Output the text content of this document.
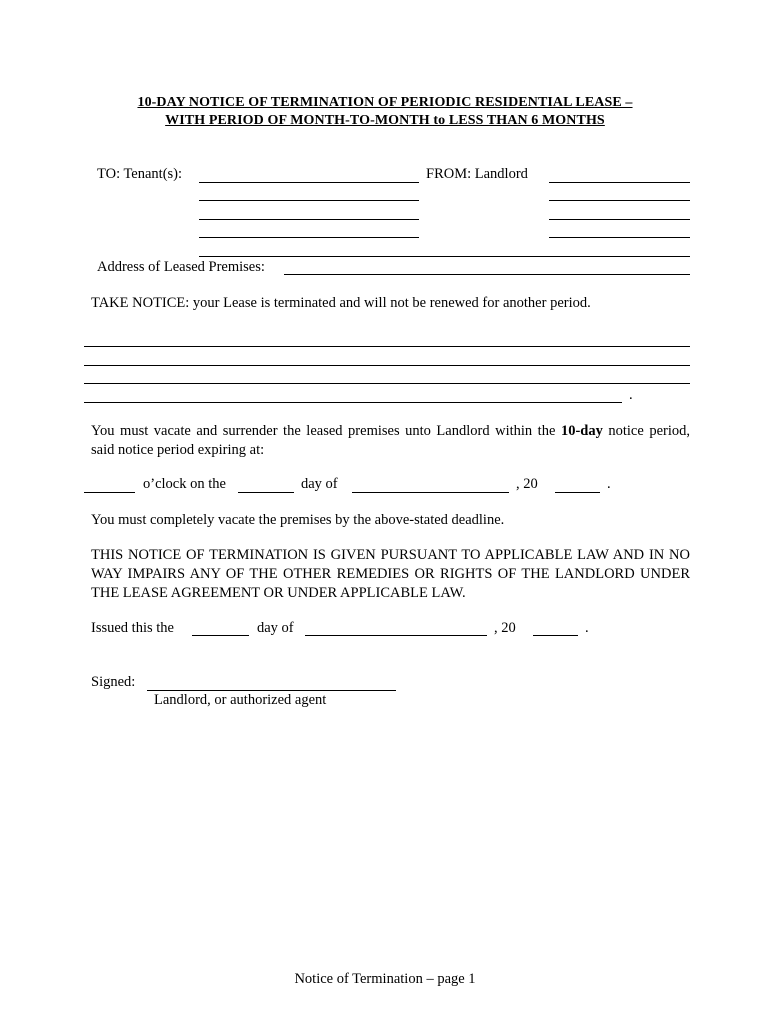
10-DAY NOTICE OF TERMINATION OF PERIODIC RESIDENTIAL LEASE –
WITH PERIOD OF MONTH-TO-MONTH to LESS THAN 6 MONTHS
TO: Tenant(s):	FROM: Landlord
Address of Leased Premises:
TAKE NOTICE: your Lease is terminated and will not be renewed for another period.
.
You must vacate and surrender the leased premises unto Landlord within the 10-day notice period, said notice period expiring at:
o’clock on the	day of	, 20	.
You must completely vacate the premises by the above-stated deadline.
THIS NOTICE OF TERMINATION IS GIVEN PURSUANT TO APPLICABLE LAW AND IN NO WAY IMPAIRS ANY OF THE OTHER REMEDIES OR RIGHTS OF THE LANDLORD UNDER THE LEASE AGREEMENT OR UNDER APPLICABLE LAW.
Issued this the	day of	, 20	.
Signed:
Landlord, or authorized agent
Notice of Termination – page 1
